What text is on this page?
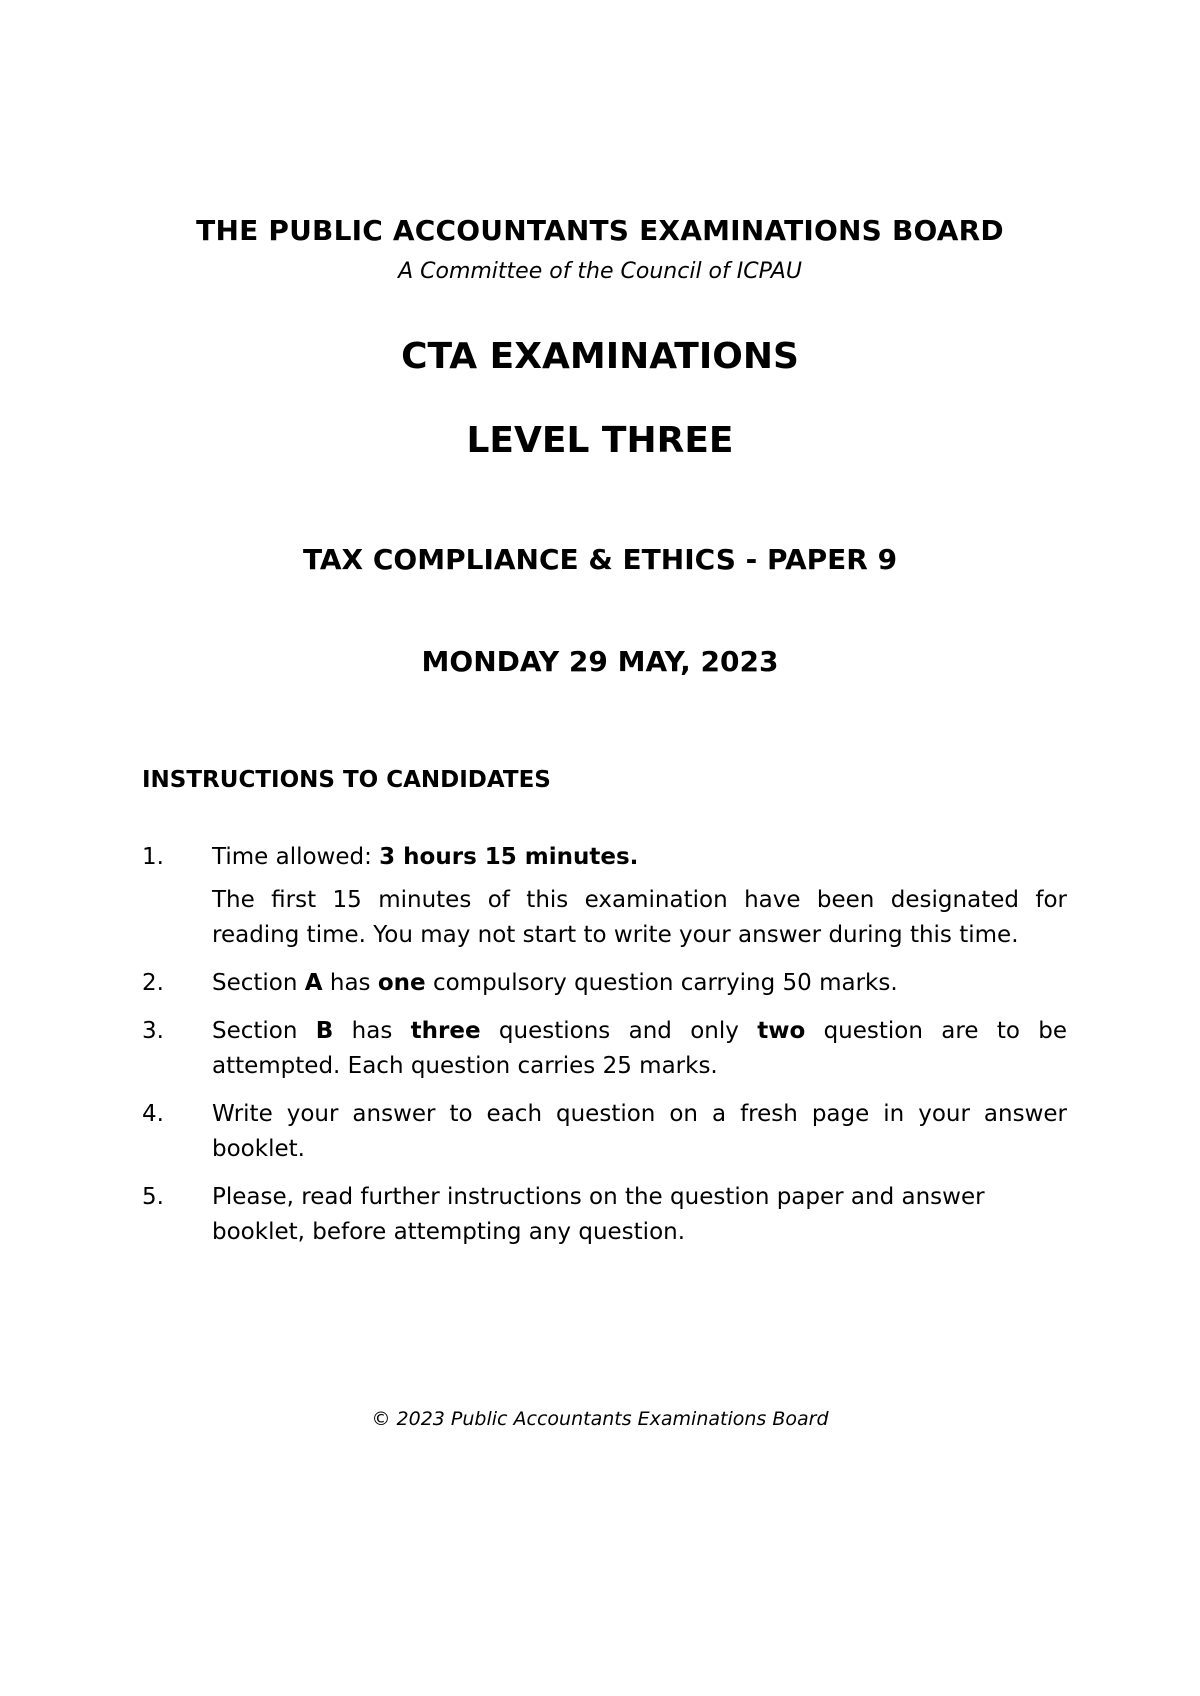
THE PUBLIC ACCOUNTANTS EXAMINATIONS BOARD
A Committee of the Council of ICPAU
CTA EXAMINATIONS
LEVEL THREE
TAX COMPLIANCE & ETHICS - PAPER 9
MONDAY 29 MAY, 2023
INSTRUCTIONS TO CANDIDATES
1. Time allowed: 3 hours 15 minutes.
The first 15 minutes of this examination have been designated for reading time. You may not start to write your answer during this time.
2. Section A has one compulsory question carrying 50 marks.
3. Section B has three questions and only two question are to be attempted. Each question carries 25 marks.
4. Write your answer to each question on a fresh page in your answer booklet.
5. Please, read further instructions on the question paper and answer
booklet, before attempting any question.
© 2023 Public Accountants Examinations Board
